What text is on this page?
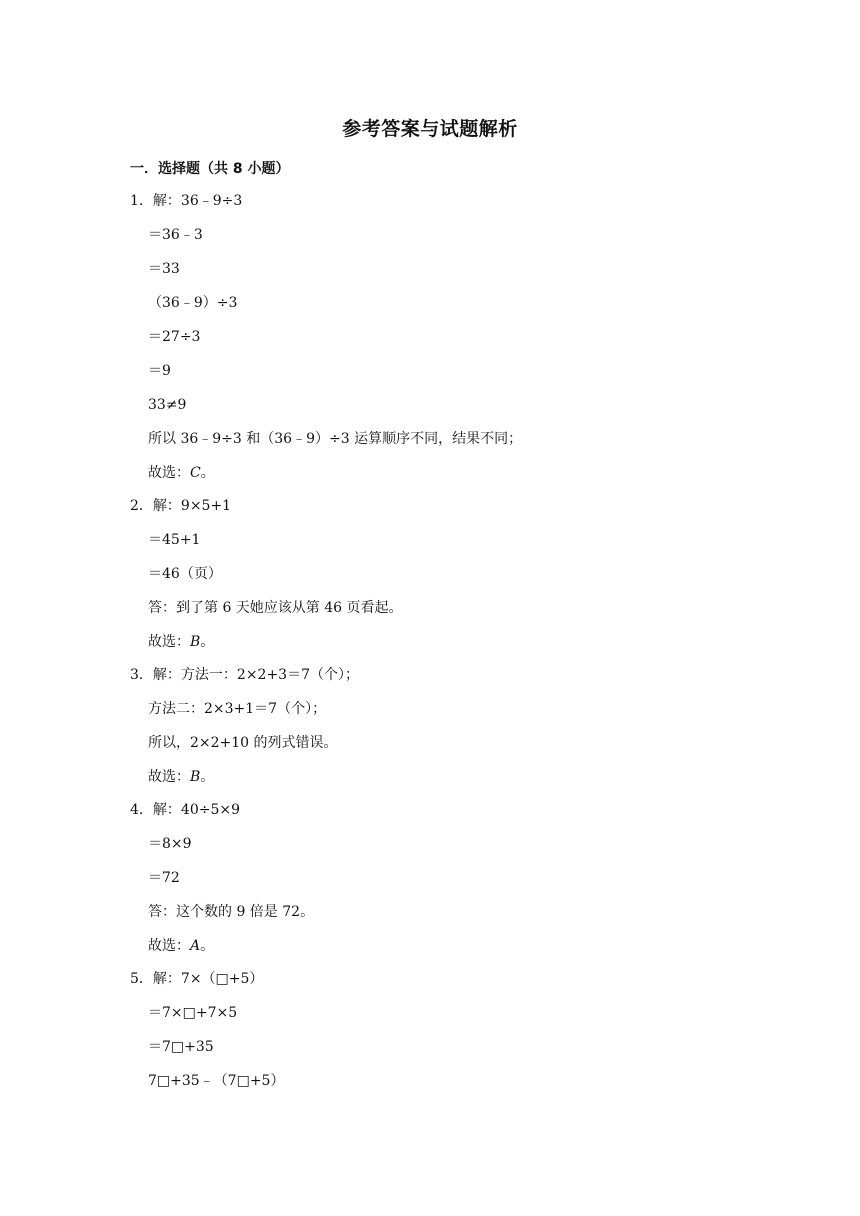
参考答案与试题解析
一．选择题（共 8 小题）
1．解：36﹣9÷3
＝36﹣3
＝33
（36﹣9）÷3
＝27÷3
＝9
33≠9
所以 36﹣9÷3 和（36﹣9）÷3 运算顺序不同，结果不同；
故选：C。
2．解：9×5+1
＝45+1
＝46（页）
答：到了第 6 天她应该从第 46 页看起。
故选：B。
3．解：方法一：2×2+3＝7（个）；
方法二：2×3+1＝7（个）；
所以，2×2+10 的列式错误。
故选：B。
4．解：40÷5×9
＝8×9
＝72
答：这个数的 9 倍是 72。
故选：A。
5．解：7×（□+5）
＝7×□+7×5
＝7□+35
7□+35﹣（7□+5）
